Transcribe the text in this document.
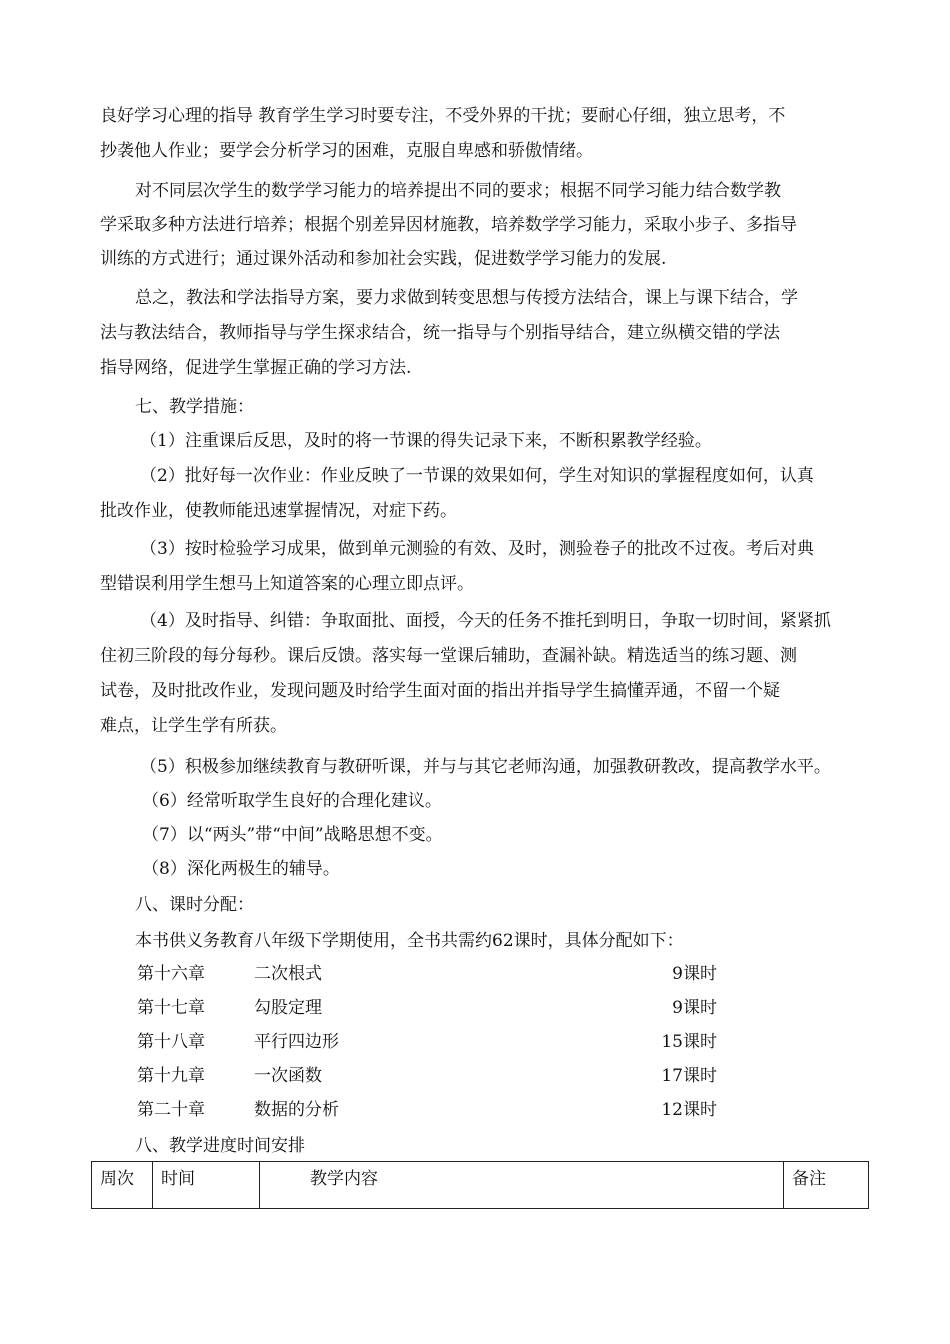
良好学习心理的指导 教育学生学习时要专注，不受外界的干扰；要耐心仔细，独立思考，不
抄袭他人作业；要学会分析学习的困难，克服自卑感和骄傲情绪。
对不同层次学生的数学学习能力的培养提出不同的要求；根据不同学习能力结合数学教
学采取多种方法进行培养；根据个别差异因材施教，培养数学学习能力，采取小步子、多指导
训练的方式进行；通过课外活动和参加社会实践，促进数学学习能力的发展.
总之，教法和学法指导方案，要力求做到转变思想与传授方法结合，课上与课下结合，学
法与教法结合，教师指导与学生探求结合，统一指导与个别指导结合，建立纵横交错的学法
指导网络，促进学生掌握正确的学习方法.
七、教学措施：
（1）注重课后反思，及时的将一节课的得失记录下来，不断积累教学经验。
（2）批好每一次作业：作业反映了一节课的效果如何，学生对知识的掌握程度如何，认真
批改作业，使教师能迅速掌握情况，对症下药。
（3）按时检验学习成果，做到单元测验的有效、及时，测验卷子的批改不过夜。考后对典
型错误利用学生想马上知道答案的心理立即点评。
（4）及时指导、纠错：争取面批、面授，今天的任务不推托到明日，争取一切时间，紧紧抓
住初三阶段的每分每秒。课后反馈。落实每一堂课后辅助，查漏补缺。精选适当的练习题、测
试卷，及时批改作业，发现问题及时给学生面对面的指出并指导学生搞懂弄通，不留一个疑
难点，让学生学有所获。
（5）积极参加继续教育与教研听课，并与与其它老师沟通，加强教研教改，提高教学水平。
（6）经常听取学生良好的合理化建议。
（7）以“两头”带“中间”战略思想不变。
（8）深化两极生的辅导。
八、课时分配：
本书供义务教育八年级下学期使用，全书共需约62课时，具体分配如下：
第十六章	二次根式	9课时
第十七章	勾股定理	9课时
第十八章	平行四边形	15课时
第十九章	一次函数	17课时
第二十章	数据的分析	12课时
八、教学进度时间安排
周次	时间	教学内容	备注
